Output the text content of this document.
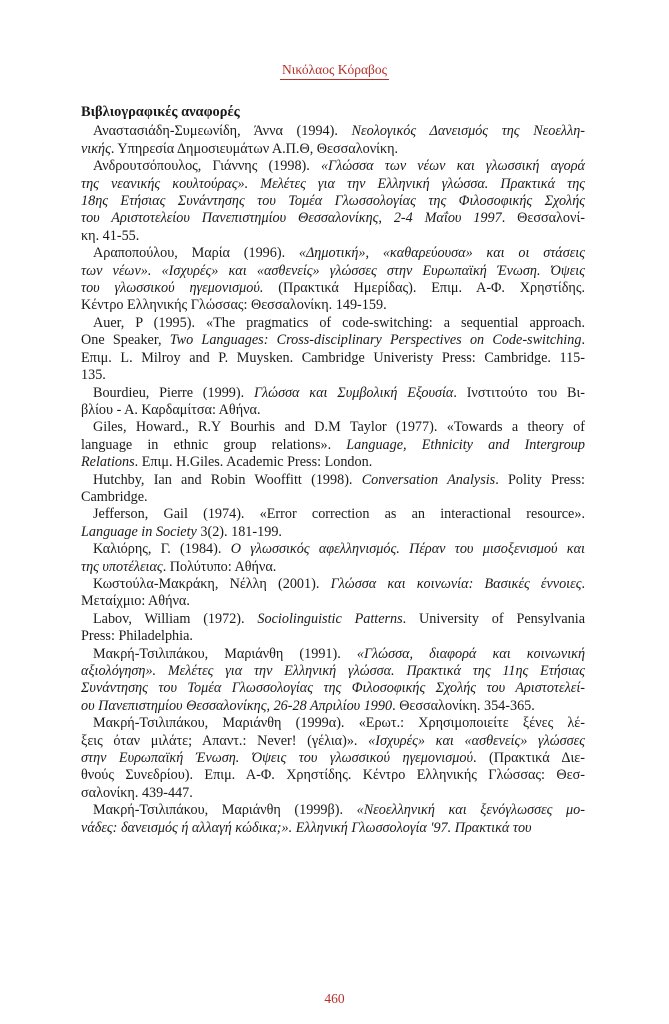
Νικόλαος Κόραβος
Βιβλιογραφικές αναφορές
Αναστασιάδη-Συμεωνίδη, Άννα (1994). Νεολογικός Δανεισμός της Νεοελλη-
νικής. Υπηρεσία Δημοσιευμάτων Α.Π.Θ, Θεσσαλονίκη.
Ανδρουτσόπουλος, Γιάννης (1998). «Γλώσσα των νέων και γλωσσική αγορά
της νεανικής κουλτούρας». Μελέτες για την Ελληνική γλώσσα. Πρακτικά της
18ης Ετήσιας Συνάντησης του Τομέα Γλωσσολογίας της Φιλοσοφικής Σχολής
του Αριστοτελείου Πανεπιστημίου Θεσσαλονίκης, 2-4 Μαΐου 1997. Θεσσαλονί-
κη. 41-55.
Αραποπούλου, Μαρία (1996). «Δημοτική», «καθαρεύουσα» και οι στάσεις
των νέων». «Ισχυρές» και «ασθενείς» γλώσσες στην Ευρωπαϊκή Ένωση. Όψεις
του γλωσσικού ηγεμονισμού. (Πρακτικά Ημερίδας). Επιμ. Α-Φ. Χρηστίδης.
Κέντρο Ελληνικής Γλώσσας: Θεσσαλονίκη. 149-159.
Auer, P (1995). «The pragmatics of code-switching: a sequential approach.
One Speaker, Two Languages: Cross-disciplinary Perspectives on Code-switching.
Επιμ. L. Milroy and P. Muysken. Cambridge Univeristy Press: Cambridge. 115-
135.
Bourdieu, Pierre (1999). Γλώσσα και Συμβολική Εξουσία. Ινστιτούτο του Βι-
βλίου - Α. Καρδαμίτσα: Αθήνα.
Giles, Howard., R.Y Bourhis and D.M Taylor (1977). «Towards a theory of
language in ethnic group relations». Language, Ethnicity and Intergroup
Relations. Επιμ. H.Giles. Academic Press: London.
Hutchby, Ian and Robin Wooffitt (1998). Conversation Analysis. Polity Press:
Cambridge.
Jefferson, Gail (1974). «Error correction as an interactional resource».
Language in Society 3(2). 181-199.
Καλιόρης, Γ. (1984). Ο γλωσσικός αφελληνισμός. Πέραν του μισοξενισμού και
της υποτέλειας. Πολύτυπο: Αθήνα.
Κωστούλα-Μακράκη, Νέλλη (2001). Γλώσσα και κοινωνία: Βασικές έννοιες.
Μεταίχμιο: Αθήνα.
Labov, William (1972). Sociolinguistic Patterns. University of Pensylvania
Press: Philadelphia.
Μακρή-Τσιλιπάκου, Μαριάνθη (1991). «Γλώσσα, διαφορά και κοινωνική
αξιολόγηση». Μελέτες για την Ελληνική γλώσσα. Πρακτικά της 11ης Ετήσιας
Συνάντησης του Τομέα Γλωσσολογίας της Φιλοσοφικής Σχολής του Αριστοτελεί-
ου Πανεπιστημίου Θεσσαλονίκης, 26-28 Απριλίου 1990. Θεσσαλονίκη. 354-365.
Μακρή-Τσιλιπάκου, Μαριάνθη (1999α). «Ερωτ.: Χρησιμοποιείτε ξένες λέ-
ξεις όταν μιλάτε; Απαντ.: Never! (γέλια)». «Ισχυρές» και «ασθενείς» γλώσσες
στην Ευρωπαϊκή Ένωση. Όψεις του γλωσσικού ηγεμονισμού. (Πρακτικά Διε-
θνούς Συνεδρίου). Επιμ. Α-Φ. Χρηστίδης. Κέντρο Ελληνικής Γλώσσας: Θεσ-
σαλονίκη. 439-447.
Μακρή-Τσιλιπάκου, Μαριάνθη (1999β). «Νεοελληνική και ξενόγλωσσες μο-
νάδες: δανεισμός ή αλλαγή κώδικα;». Ελληνική Γλωσσολογία '97. Πρακτικά του
460
